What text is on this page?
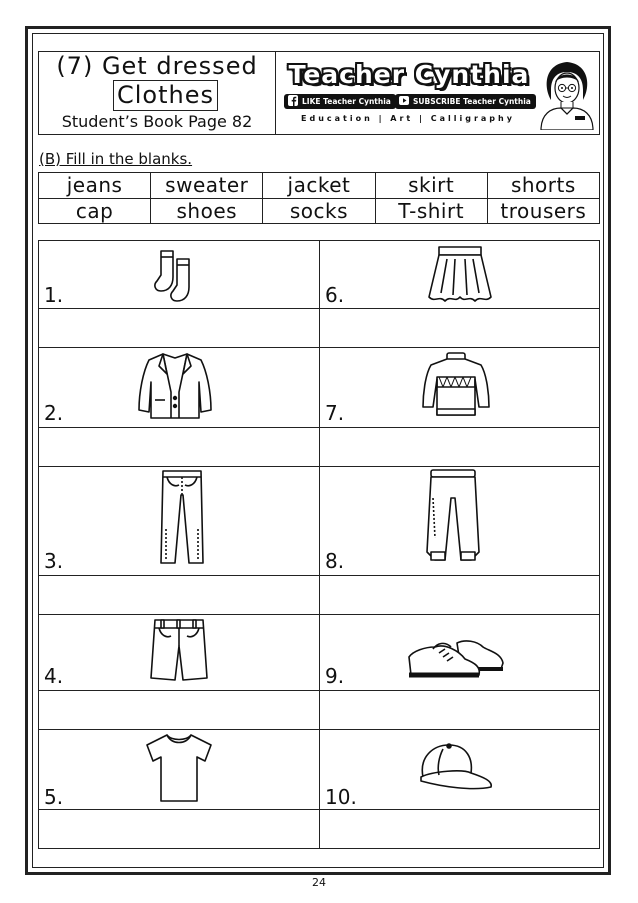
(7) Get dressed
Clothes
Student’s Book Page 82
Teacher Cynthia
LIKE Teacher Cynthia	SUBSCRIBE Teacher Cynthia
Education | Art | Calligraphy
(B) Fill in the blanks.
jeans	sweater	jacket	skirt	shorts
cap	shoes	socks	T-shirt	trousers
1.
2.
3.
4.
5.
6.
7.
8.
9.
10.
24
